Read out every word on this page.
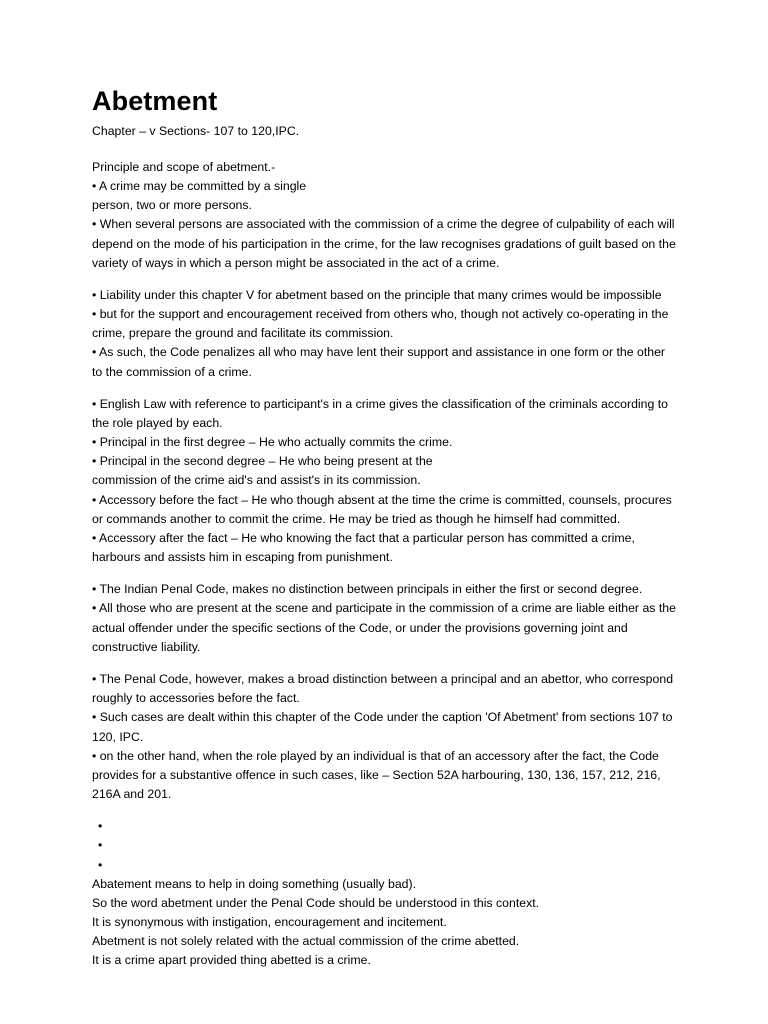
Abetment

Chapter – v Sections- 107 to 120,IPC.

Principle and scope of abetment.-

• A crime may be committed by a single

person, two or more persons.

• When several persons are associated with the commission of a crime the degree of culpability of each will depend on the mode of his participation in the crime, for the law recognises gradations of guilt based on the variety of ways in which a person might be associated in the act of a crime.

• Liability under this chapter V for abetment based on the principle that many crimes would be impossible

• but for the support and encouragement received from others who, though not actively co-operating in the crime, prepare the ground and facilitate its commission.

• As such, the Code penalizes all who may have lent their support and assistance in one form or the other to the commission of a crime.

• English Law with reference to participant's in a crime gives the classification of the criminals according to the role played by each.

• Principal in the first degree – He who actually commits the crime.

• Principal in the second degree – He who being present at the

commission of the crime aid's and assist's in its commission.

• Accessory before the fact – He who though absent at the time the crime is committed, counsels, procures or commands another to commit the crime. He may be tried as though he himself had committed.

• Accessory after the fact – He who knowing the fact that a particular person has committed a crime, harbours and assists him in escaping from punishment.

• The Indian Penal Code, makes no distinction between principals in either the first or second degree.

• All those who are present at the scene and participate in the commission of a crime are liable either as the actual offender under the specific sections of the Code, or under the provisions governing joint and constructive liability.

• The Penal Code, however, makes a broad distinction between a principal and an abettor, who correspond roughly to accessories before the fact.

• Such cases are dealt within this chapter of the Code under the caption 'Of Abetment' from sections 107 to 120, IPC.

• on the other hand, when the role played by an individual is that of an accessory after the fact, the Code provides for a substantive offence in such cases, like – Section 52A harbouring, 130, 136, 157, 212, 216, 216A and 201.

•

•

•

Abatement means to help in doing something (usually bad).

So the word abetment under the Penal Code should be understood in this context.

It is synonymous with instigation, encouragement and incitement.

Abetment is not solely related with the actual commission of the crime abetted.

It is a crime apart provided thing abetted is a crime.
